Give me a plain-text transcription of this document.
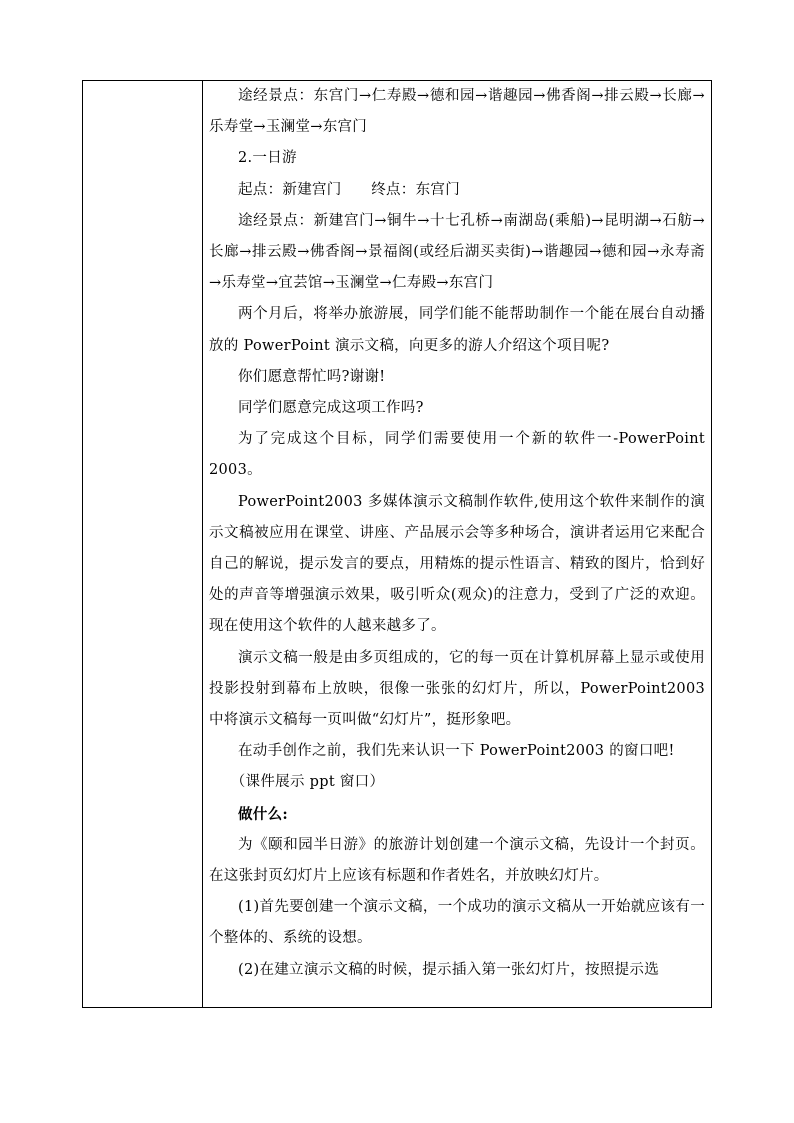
途经景点：东宫门→仁寿殿→德和园→谐趣园→佛香阁→排云殿→长廊→乐寿堂→玉澜堂→东宫门

2.一日游

起点：新建宫门　　终点：东宫门

途经景点：新建宫门→铜牛→十七孔桥→南湖岛(乘船)→昆明湖→石舫→长廊→排云殿→佛香阁→景福阁(或经后湖买卖街)→谐趣园→德和园→永寿斋→乐寿堂→宜芸馆→玉澜堂→仁寿殿→东宫门

两个月后，将举办旅游展，同学们能不能帮助制作一个能在展台自动播放的 PowerPoint 演示文稿，向更多的游人介绍这个项目呢?

你们愿意帮忙吗?谢谢!

同学们愿意完成这项工作吗?

为了完成这个目标，同学们需要使用一个新的软件一-PowerPoint 2003。

PowerPoint2003 多媒体演示文稿制作软件,使用这个软件来制作的演示文稿被应用在课堂、讲座、产品展示会等多种场合，演讲者运用它来配合自己的解说，提示发言的要点，用精炼的提示性语言、精致的图片，恰到好处的声音等增强演示效果，吸引听众(观众)的注意力，受到了广泛的欢迎。现在使用这个软件的人越来越多了。

演示文稿一般是由多页组成的，它的每一页在计算机屏幕上显示或使用投影投射到幕布上放映，很像一张张的幻灯片，所以，PowerPoint2003 中将演示文稿每一页叫做“幻灯片”，挺形象吧。

在动手创作之前，我们先来认识一下 PowerPoint2003 的窗口吧!

（课件展示 ppt 窗口）

做什么:

为《颐和园半日游》的旅游计划创建一个演示文稿，先设计一个封页。在这张封页幻灯片上应该有标题和作者姓名，并放映幻灯片。

(1)首先要创建一个演示文稿，一个成功的演示文稿从一开始就应该有一个整体的、系统的设想。

(2)在建立演示文稿的时候，提示插入第一张幻灯片，按照提示选
